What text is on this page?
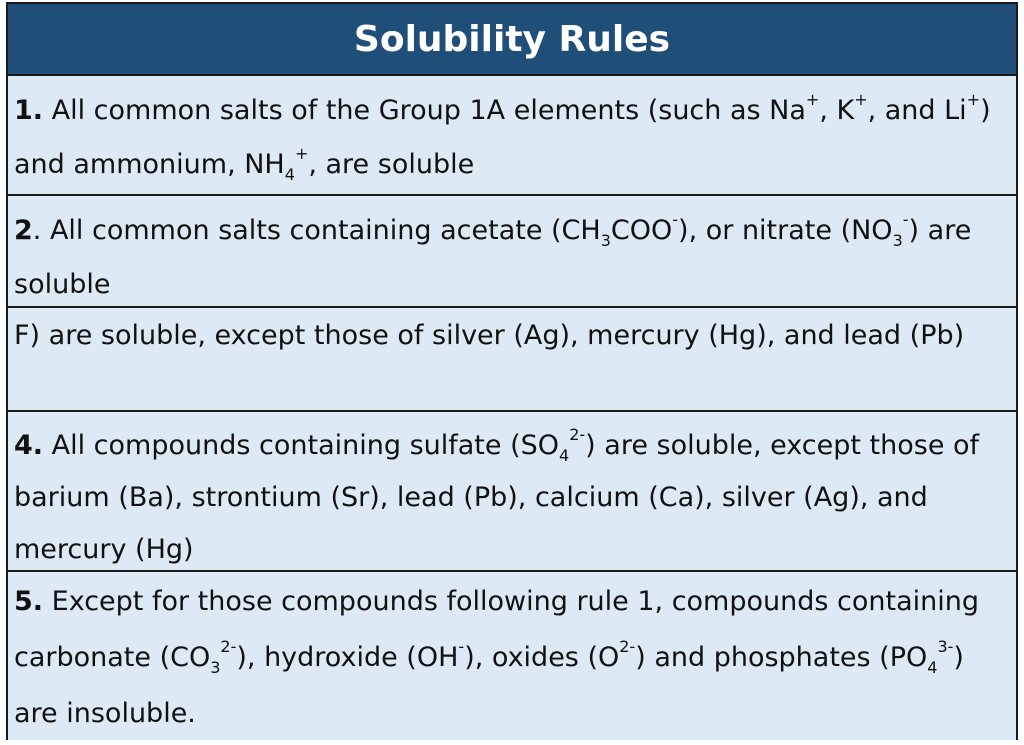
Solubility Rules
1. All common salts of the Group 1A elements (such as Na+, K+, and Li+) and ammonium, $NH_4^+$, are soluble
2. All common salts containing acetate $(CH_3COO^-)$, or nitrate $(NO_3^-)$ are soluble
F) are soluble, except those of silver (Ag), mercury (Hg), and lead (Pb)
4. All compounds containing sulfate $(SO_4^{2-})$ are soluble, except those of barium (Ba), strontium (Sr), lead (Pb), calcium (Ca), silver (Ag), and mercury (Hg)
5. Except for those compounds following rule 1, compounds containing carbonate $(CO_3^{2-})$, hydroxide (OH-), oxides $(O^{2-})$ and phosphates $(PO_4^{3-})$ are insoluble.
